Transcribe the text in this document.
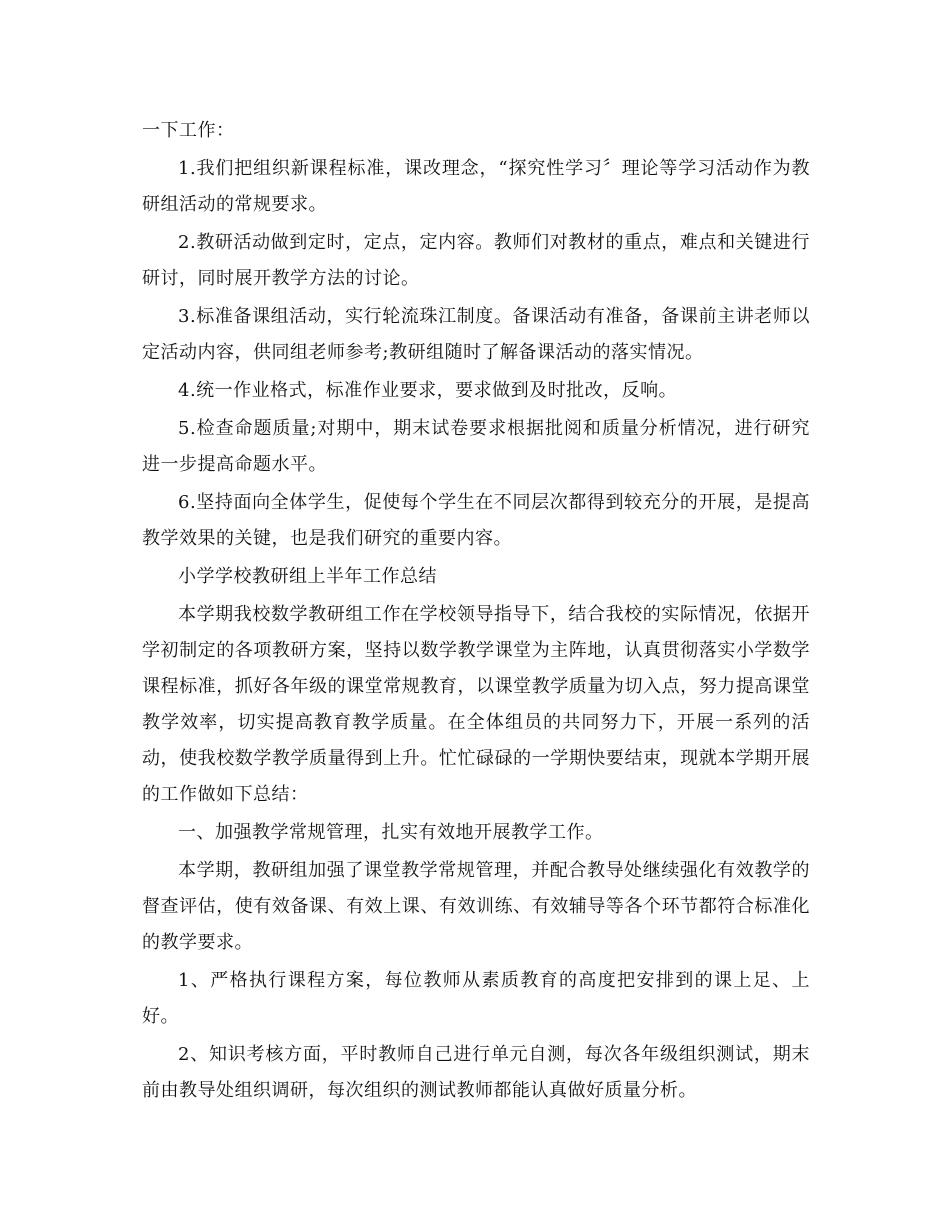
一下工作：

1.我们把组织新课程标准，课改理念，“探究性学习〞理论等学习活动作为教研组活动的常规要求。

2.教研活动做到定时，定点，定内容。教师们对教材的重点，难点和关键进行研讨，同时展开教学方法的讨论。

3.标准备课组活动，实行轮流珠江制度。备课活动有准备，备课前主讲老师以定活动内容，供同组老师参考;教研组随时了解备课活动的落实情况。

4.统一作业格式，标准作业要求，要求做到及时批改，反响。

5.检查命题质量;对期中，期末试卷要求根据批阅和质量分析情况，进行研究进一步提高命题水平。

6.坚持面向全体学生，促使每个学生在不同层次都得到较充分的开展，是提高教学效果的关键，也是我们研究的重要内容。

小学学校教研组上半年工作总结

本学期我校数学教研组工作在学校领导指导下，结合我校的实际情况，依据开学初制定的各项教研方案，坚持以数学教学课堂为主阵地，认真贯彻落实小学数学课程标准，抓好各年级的课堂常规教育，以课堂教学质量为切入点，努力提高课堂教学效率，切实提高教育教学质量。在全体组员的共同努力下，开展一系列的活动，使我校数学教学质量得到上升。忙忙碌碌的一学期快要结束，现就本学期开展的工作做如下总结：

一、加强教学常规管理，扎实有效地开展教学工作。

本学期，教研组加强了课堂教学常规管理，并配合教导处继续强化有效教学的督查评估，使有效备课、有效上课、有效训练、有效辅导等各个环节都符合标准化的教学要求。

1、严格执行课程方案，每位教师从素质教育的高度把安排到的课上足、上好。

2、知识考核方面，平时教师自己进行单元自测，每次各年级组织测试，期末前由教导处组织调研，每次组织的测试教师都能认真做好质量分析。
